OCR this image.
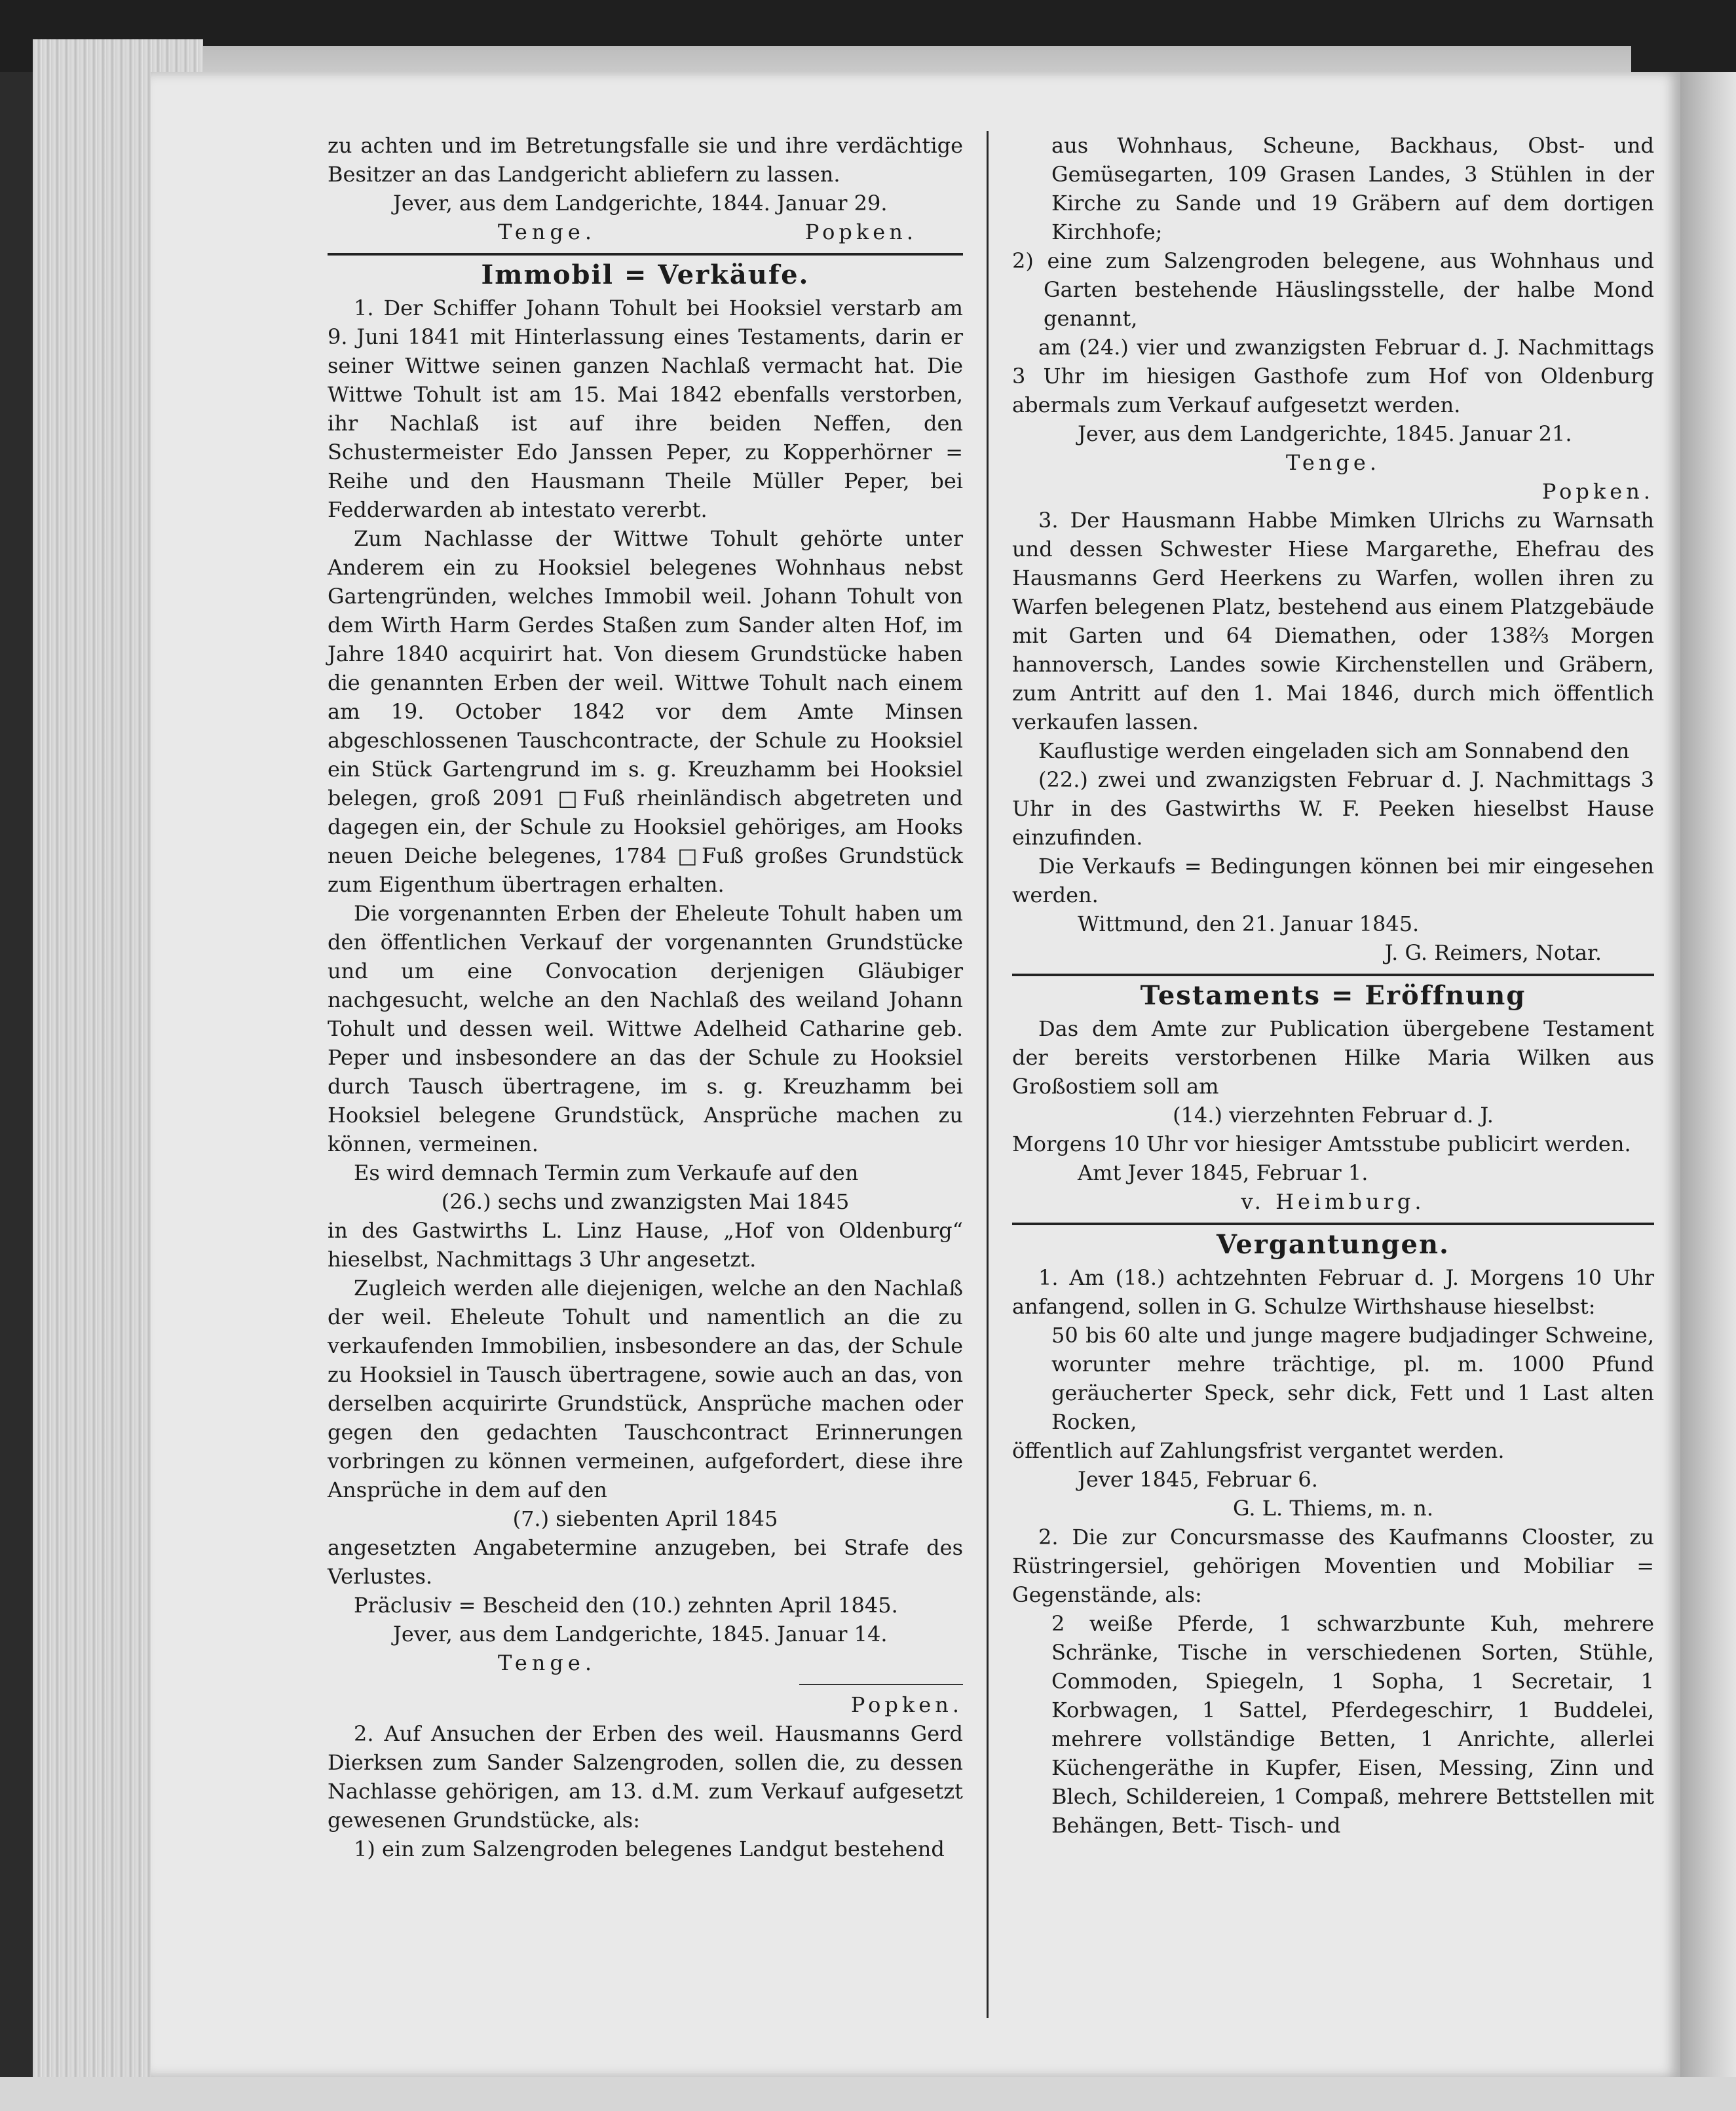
zu achten und im Betretungsfalle sie und ihre verdächtige Besitzer an das Landgericht abliefern zu lassen.

Jever, aus dem Landgerichte, 1844. Januar 29.

Tenge.	Popken.
Immobil = Verkäufe.

1. Der Schiffer Johann Tohult bei Hooksiel verstarb am 9. Juni 1841 mit Hinterlassung eines Testaments, darin er seiner Wittwe seinen ganzen Nachlaß vermacht hat. Die Wittwe Tohult ist am 15. Mai 1842 ebenfalls verstorben, ihr Nachlaß ist auf ihre beiden Neffen, den Schustermeister Edo Janssen Peper, zu Kopperhörner = Reihe und den Hausmann Theile Müller Peper, bei Fedderwarden ab intestato vererbt.

Zum Nachlasse der Wittwe Tohult gehörte unter Anderem ein zu Hooksiel belegenes Wohnhaus nebst Gartengründen, welches Immobil weil. Johann Tohult von dem Wirth Harm Gerdes Staßen zum Sander alten Hof, im Jahre 1840 acquirirt hat. Von diesem Grundstücke haben die genannten Erben der weil. Wittwe Tohult nach einem am 19. October 1842 vor dem Amte Minsen abgeschlossenen Tauschcontracte, der Schule zu Hooksiel ein Stück Gartengrund im s. g. Kreuzhamm bei Hooksiel belegen, groß 2091 □Fuß rheinländisch abgetreten und dagegen ein, der Schule zu Hooksiel gehöriges, am Hooks neuen Deiche belegenes, 1784 □Fuß großes Grundstück zum Eigenthum übertragen erhalten.

Die vorgenannten Erben der Eheleute Tohult haben um den öffentlichen Verkauf der vorgenannten Grundstücke und um eine Convocation derjenigen Gläubiger nachgesucht, welche an den Nachlaß des weiland Johann Tohult und dessen weil. Wittwe Adelheid Catharine geb. Peper und insbesondere an das der Schule zu Hooksiel durch Tausch übertragene, im s. g. Kreuzhamm bei Hooksiel belegene Grundstück, Ansprüche machen zu können, vermeinen.

Es wird demnach Termin zum Verkaufe auf den

(26.) sechs und zwanzigsten Mai 1845

in des Gastwirths L. Linz Hause, „Hof von Oldenburg“ hieselbst, Nachmittags 3 Uhr angesetzt.

Zugleich werden alle diejenigen, welche an den Nachlaß der weil. Eheleute Tohult und namentlich an die zu verkaufenden Immobilien, insbesondere an das, der Schule zu Hooksiel in Tausch übertragene, sowie auch an das, von derselben acquirirte Grundstück, Ansprüche machen oder gegen den gedachten Tauschcontract Erinnerungen vorbringen zu können vermeinen, aufgefordert, diese ihre Ansprüche in dem auf den

(7.) siebenten April 1845

angesetzten Angabetermine anzugeben, bei Strafe des Verlustes.

Präclusiv = Bescheid den (10.) zehnten April 1845.

Jever, aus dem Landgerichte, 1845. Januar 14.

Tenge.

Popken.

2. Auf Ansuchen der Erben des weil. Hausmanns Gerd Dierksen zum Sander Salzengroden, sollen die, zu dessen Nachlasse gehörigen, am 13. d.M. zum Verkauf aufgesetzt gewesenen Grundstücke, als:

1) ein zum Salzengroden belegenes Landgut bestehend

aus Wohnhaus, Scheune, Backhaus, Obst- und Gemüsegarten, 109 Grasen Landes, 3 Stühlen in der Kirche zu Sande und 19 Gräbern auf dem dortigen Kirchhofe;

2) eine zum Salzengroden belegene, aus Wohnhaus und Garten bestehende Häuslingsstelle, der halbe Mond genannt,

am (24.) vier und zwanzigsten Februar d. J. Nachmittags 3 Uhr im hiesigen Gasthofe zum Hof von Oldenburg abermals zum Verkauf aufgesetzt werden.

Jever, aus dem Landgerichte, 1845. Januar 21.

Tenge.

Popken.

3. Der Hausmann Habbe Mimken Ulrichs zu Warnsath und dessen Schwester Hiese Margarethe, Ehefrau des Hausmanns Gerd Heerkens zu Warfen, wollen ihren zu Warfen belegenen Platz, bestehend aus einem Platzgebäude mit Garten und 64 Diemathen, oder 138⅔ Morgen hannoversch, Landes sowie Kirchenstellen und Gräbern, zum Antritt auf den 1. Mai 1846, durch mich öffentlich verkaufen lassen.

Kauflustige werden eingeladen sich am Sonnabend den

(22.) zwei und zwanzigsten Februar d. J. Nachmittags 3 Uhr in des Gastwirths W. F. Peeken hieselbst Hause einzufinden.

Die Verkaufs = Bedingungen können bei mir eingesehen werden.

Wittmund, den 21. Januar 1845.

J. G. Reimers, Notar.

Testaments = Eröffnung

Das dem Amte zur Publication übergebene Testament der bereits verstorbenen Hilke Maria Wilken aus Großostiem soll am

(14.) vierzehnten Februar d. J.

Morgens 10 Uhr vor hiesiger Amtsstube publicirt werden.

Amt Jever 1845, Februar 1.

v. Heimburg.

Vergantungen.

1. Am (18.) achtzehnten Februar d. J. Morgens 10 Uhr anfangend, sollen in G. Schulze Wirthshause hieselbst:

50 bis 60 alte und junge magere budjadinger Schweine, worunter mehre trächtige, pl. m. 1000 Pfund geräucherter Speck, sehr dick, Fett und 1 Last alten Rocken,

öffentlich auf Zahlungsfrist vergantet werden.

Jever 1845, Februar 6.

G. L. Thiems, m. n.

2. Die zur Concursmasse des Kaufmanns Clooster, zu Rüstringersiel, gehörigen Moventien und Mobiliar = Gegenstände, als:

2 weiße Pferde, 1 schwarzbunte Kuh, mehrere Schränke, Tische in verschiedenen Sorten, Stühle, Commoden, Spiegeln, 1 Sopha, 1 Secretair, 1 Korbwagen, 1 Sattel, Pferdegeschirr, 1 Buddelei, mehrere vollständige Betten, 1 Anrichte, allerlei Küchengeräthe in Kupfer, Eisen, Messing, Zinn und Blech, Schildereien, 1 Compaß, mehrere Bettstellen mit Behängen, Bett- Tisch- und
